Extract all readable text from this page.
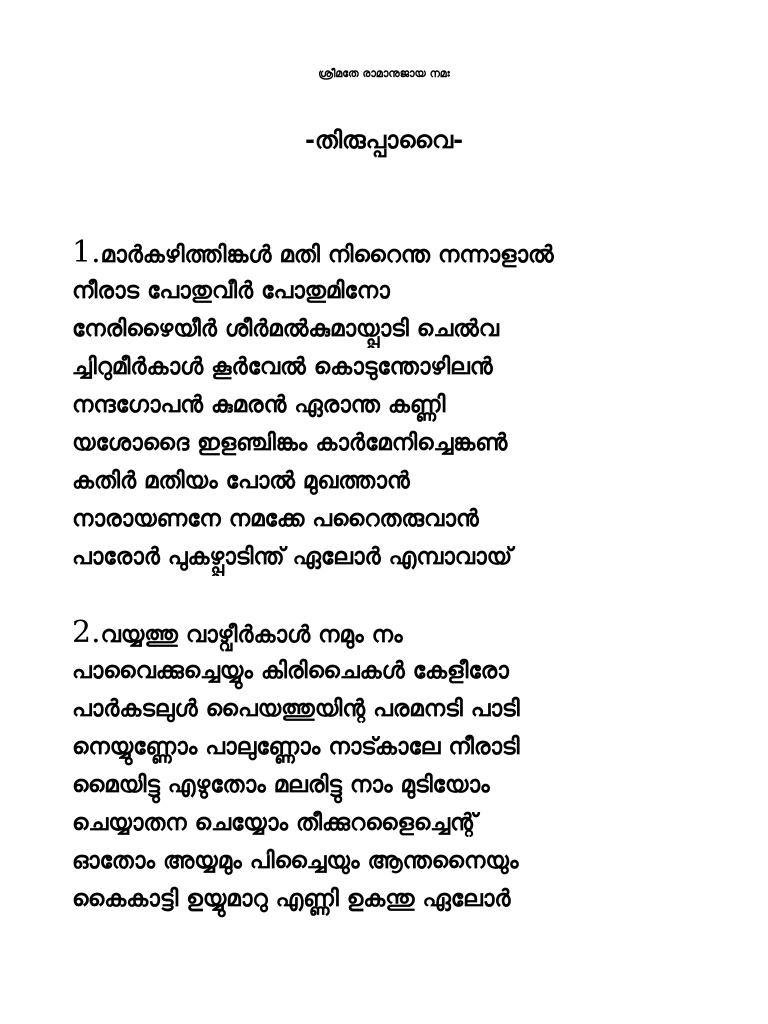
ശ്രീമതേ രാമാനുജായ നമഃ
-തിരുപ്പാവൈ-
1.മാർകഴിത്തിങ്കൾ മതി നിറൈന്ത നന്നാളാൽ
നീരാട പോതുവീർ പോതുമിനോ
നേരിഴൈയീർ ശീർമൽകുമായ്പ്പാടി ചെൽവ
ച്ചിറുമീർകാൾ കൂർവേൽ കൊടുന്തോഴിലൻ
നന്ദഗോപൻ കുമരൻ ഏരാന്ത കണ്ണി
യശോദൈ ഇളഞ്ചിങ്കം കാർമേനിച്ചെങ്കൺ
കതിർ മതിയം പോൽ മുഖത്താൻ
നാരായണനേ നമക്കേ പറൈതരുവാൻ
പാരോർ പുകഴ്പ്പാടിന്ത് ഏലോർ എമ്പാവായ്
2.വയ്യത്തു വാഴ്വീർകാൾ നമും നം
പാവൈക്കുച്ചെയ്യും കിരിചൈകൾ കേളീരോ
പാർകടലുൾ പൈയത്തുയിന്റ പരമനടി പാടി
നെയ്യുണ്ണോം പാലുണ്ണോം നാട്കാലേ നീരാടി
മൈയിട്ടു എഴുതോം മലരിട്ടു നാം മുടിയോം
ചെയ്യാതന ചെയ്യോം തീക്കുറളൈച്ചെന്റ്
ഓതോം അയ്യമും പിച്ചൈയും ആന്തനൈയും
കൈകാട്ടി ഉയ്യുമാറു എണ്ണി ഉകന്തു ഏലോർ
